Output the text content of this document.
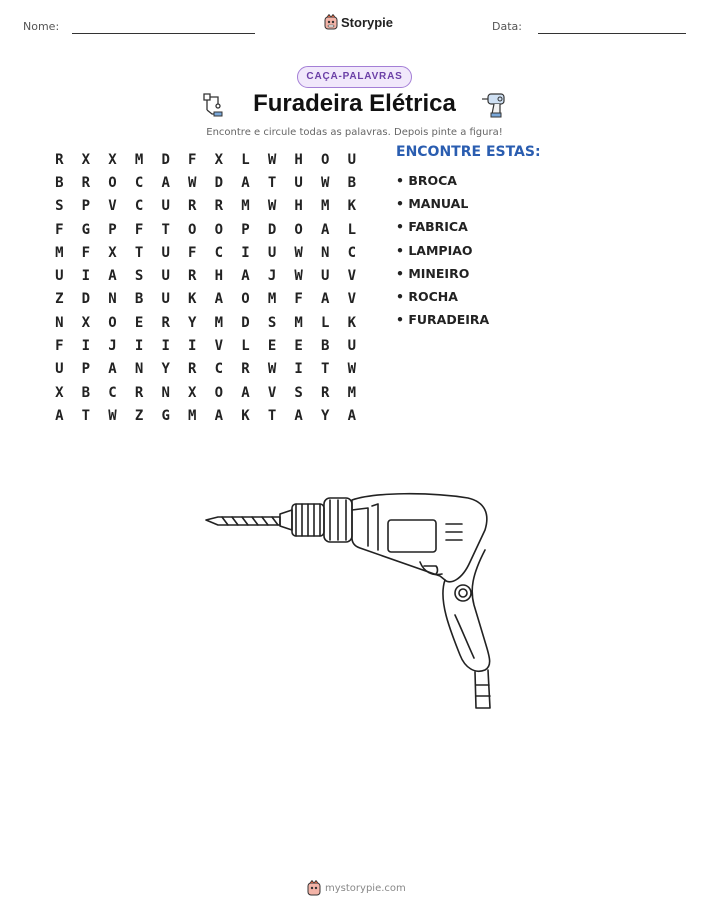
Nome:	Storypie	Data:
CAÇA-PALAVRAS
Furadeira Elétrica
Encontre e circule todas as palavras. Depois pinte a figura!
R	X	X	M	D	F	X	L	W	H	O	U
B	R	O	C	A	W	D	A	T	U	W	B
S	P	V	C	U	R	R	M	W	H	M	K
F	G	P	F	T	O	O	P	D	O	A	L
M	F	X	T	U	F	C	I	U	W	N	C
U	I	A	S	U	R	H	A	J	W	U	V
Z	D	N	B	U	K	A	O	M	F	A	V
N	X	O	E	R	Y	M	D	S	M	L	K
F	I	J	I	I	I	V	L	E	E	B	U
U	P	A	N	Y	R	C	R	W	I	T	W
X	B	C	R	N	X	O	A	V	S	R	M
A	T	W	Z	G	M	A	K	T	A	Y	A
ENCONTRE ESTAS:
• BROCA
• MANUAL
• FABRICA
• LAMPIAO
• MINEIRO
• ROCHA
• FURADEIRA
mystorypie.com
